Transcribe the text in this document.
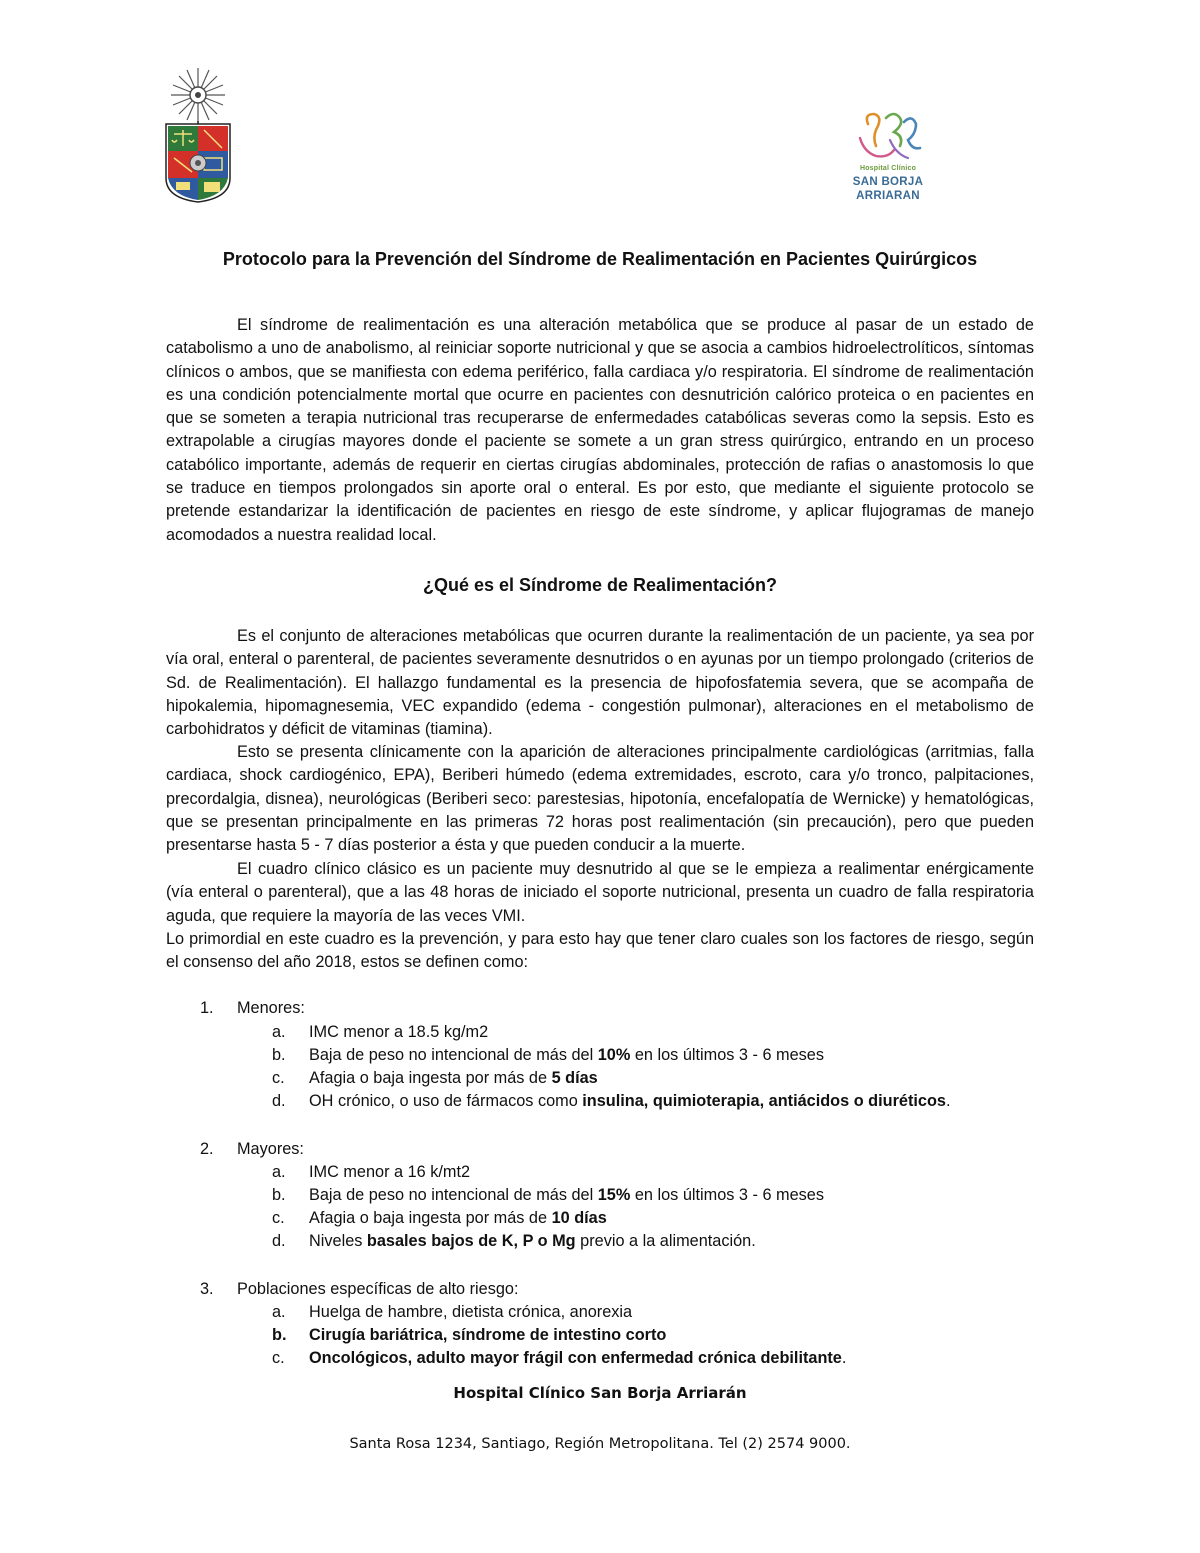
Hospital Clínico
SAN BORJA
ARRIARAN
Protocolo para la Prevención del Síndrome de Realimentación en Pacientes Quirúrgicos

El síndrome de realimentación es una alteración metabólica que se produce al pasar de un estado de catabolismo a uno de anabolismo, al reiniciar soporte nutricional y que se asocia a cambios hidroelectrolíticos, síntomas clínicos o ambos, que se manifiesta con edema periférico, falla cardiaca y/o respiratoria. El síndrome de realimentación es una condición potencialmente mortal que ocurre en pacientes con desnutrición calórico proteica o en pacientes en que se someten a terapia nutricional tras recuperarse de enfermedades catabólicas severas como la sepsis. Esto es extrapolable a cirugías mayores donde el paciente se somete a un gran stress quirúrgico, entrando en un proceso catabólico importante, además de requerir en ciertas cirugías abdominales, protección de rafias o anastomosis lo que se traduce en tiempos prolongados sin aporte oral o enteral. Es por esto, que mediante el siguiente protocolo se pretende estandarizar la identificación de pacientes en riesgo de este síndrome, y aplicar flujogramas de manejo acomodados a nuestra realidad local.

¿Qué es el Síndrome de Realimentación?

Es el conjunto de alteraciones metabólicas que ocurren durante la realimentación de un paciente, ya sea por vía oral, enteral o parenteral, de pacientes severamente desnutridos o en ayunas por un tiempo prolongado (criterios de Sd. de Realimentación). El hallazgo fundamental es la presencia de hipofosfatemia severa, que se acompaña de hipokalemia, hipomagnesemia, VEC expandido (edema - congestión pulmonar), alteraciones en el metabolismo de carbohidratos y déficit de vitaminas (tiamina).

Esto se presenta clínicamente con la aparición de alteraciones principalmente cardiológicas (arritmias, falla cardiaca, shock cardiogénico, EPA), Beriberi húmedo (edema extremidades, escroto, cara y/o tronco, palpitaciones, precordalgia, disnea), neurológicas (Beriberi seco: parestesias, hipotonía, encefalopatía de Wernicke) y hematológicas, que se presentan principalmente en las primeras 72 horas post realimentación (sin precaución), pero que pueden presentarse hasta 5 - 7 días posterior a ésta y que pueden conducir a la muerte.

El cuadro clínico clásico es un paciente muy desnutrido al que se le empieza a realimentar enérgicamente (vía enteral o parenteral), que a las 48 horas de iniciado el soporte nutricional, presenta un cuadro de falla respiratoria aguda, que requiere la mayoría de las veces VMI.

Lo primordial en este cuadro es la prevención, y para esto hay que tener claro cuales son los factores de riesgo, según el consenso del año 2018, estos se definen como:

1. Menores:
a. IMC menor a 18.5 kg/m2
b. Baja de peso no intencional de más del 10% en los últimos 3 - 6 meses
c. Afagia o baja ingesta por más de 5 días
d. OH crónico, o uso de fármacos como insulina, quimioterapia, antiácidos o diuréticos.
2. Mayores:
a. IMC menor a 16 k/mt2
b. Baja de peso no intencional de más del 15% en los últimos 3 - 6 meses
c. Afagia o baja ingesta por más de 10 días
d. Niveles basales bajos de K, P o Mg previo a la alimentación.
3. Poblaciones específicas de alto riesgo:
a. Huelga de hambre, dietista crónica, anorexia
b. Cirugía bariátrica, síndrome de intestino corto
c. Oncológicos, adulto mayor frágil con enfermedad crónica debilitante.
Hospital Clínico San Borja Arriarán
Santa Rosa 1234, Santiago, Región Metropolitana. Tel (2) 2574 9000.
